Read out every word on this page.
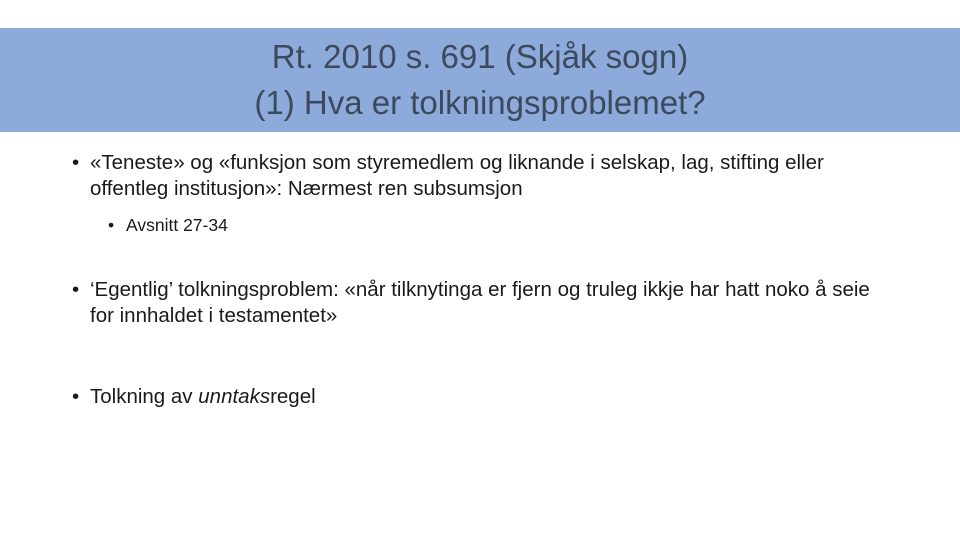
Rt. 2010 s. 691 (Skjåk sogn)
(1) Hva er tolkningsproblemet?
• «Teneste» og «funksjon som styremedlem og liknande i selskap, lag, stifting eller offentleg institusjon»: Nærmest ren subsumsjon
• Avsnitt 27-34
• ‘Egentlig’ tolkningsproblem: «når tilknytinga er fjern og truleg ikkje har hatt noko å seie for innhaldet i testamentet»
• Tolkning av unntaksregel
